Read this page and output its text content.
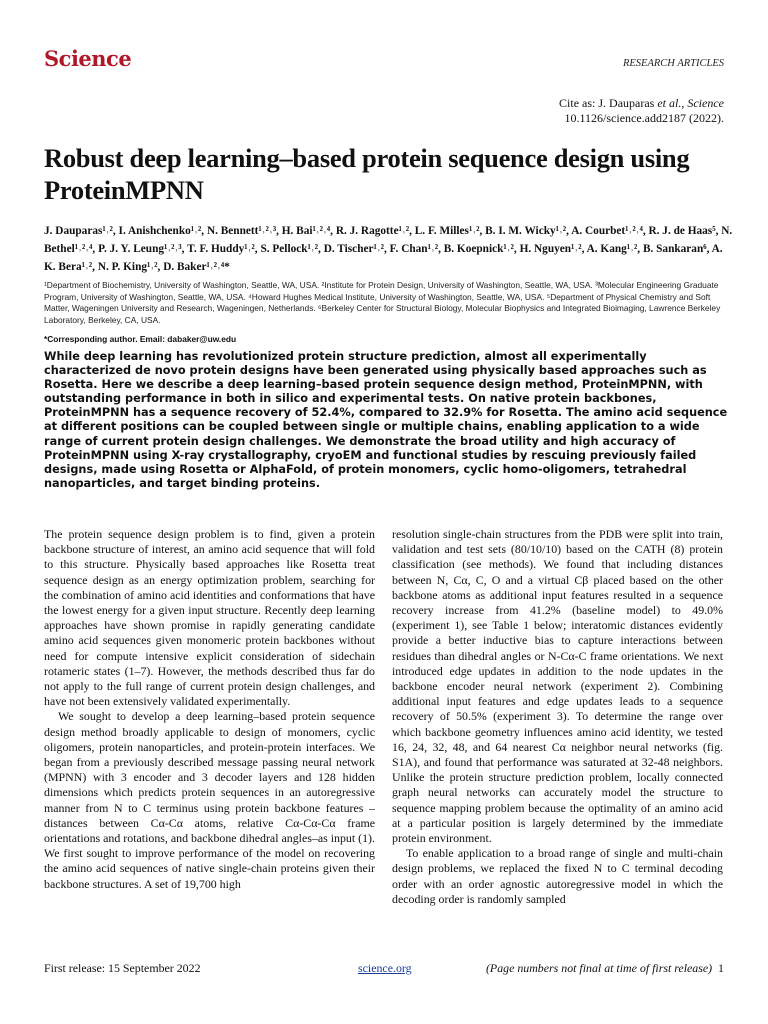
Science	RESEARCH ARTICLES
Cite as: J. Dauparas et al., Science
10.1126/science.add2187 (2022).
Robust deep learning–based protein sequence design using ProteinMPNN
J. Dauparas¹˒², I. Anishchenko¹˒², N. Bennett¹˒²˒³, H. Bai¹˒²˒⁴, R. J. Ragotte¹˒², L. F. Milles¹˒², B. I. M. Wicky¹˒², A. Courbet¹˒²˒⁴, R. J. de Haas⁵, N. Bethel¹˒²˒⁴, P. J. Y. Leung¹˒²˒³, T. F. Huddy¹˒², S. Pellock¹˒², D. Tischer¹˒², F. Chan¹˒², B. Koepnick¹˒², H. Nguyen¹˒², A. Kang¹˒², B. Sankaran⁶, A. K. Bera¹˒², N. P. King¹˒², D. Baker¹˒²˒⁴*
¹Department of Biochemistry, University of Washington, Seattle, WA, USA. ²Institute for Protein Design, University of Washington, Seattle, WA, USA. ³Molecular Engineering Graduate Program, University of Washington, Seattle, WA, USA. ⁴Howard Hughes Medical Institute, University of Washington, Seattle, WA, USA. ⁵Department of Physical Chemistry and Soft Matter, Wageningen University and Research, Wageningen, Netherlands. ⁶Berkeley Center for Structural Biology, Molecular Biophysics and Integrated Bioimaging, Lawrence Berkeley Laboratory, Berkeley, CA, USA.
*Corresponding author. Email: dabaker@uw.edu
While deep learning has revolutionized protein structure prediction, almost all experimentally characterized de novo protein designs have been generated using physically based approaches such as Rosetta. Here we describe a deep learning–based protein sequence design method, ProteinMPNN, with outstanding performance in both in silico and experimental tests. On native protein backbones, ProteinMPNN has a sequence recovery of 52.4%, compared to 32.9% for Rosetta. The amino acid sequence at different positions can be coupled between single or multiple chains, enabling application to a wide range of current protein design challenges. We demonstrate the broad utility and high accuracy of ProteinMPNN using X-ray crystallography, cryoEM and functional studies by rescuing previously failed designs, made using Rosetta or AlphaFold, of protein monomers, cyclic homo-oligomers, tetrahedral nanoparticles, and target binding proteins.

The protein sequence design problem is to find, given a protein backbone structure of interest, an amino acid sequence that will fold to this structure. Physically based approaches like Rosetta treat sequence design as an energy optimization problem, searching for the combination of amino acid identities and conformations that have the lowest energy for a given input structure. Recently deep learning approaches have shown promise in rapidly generating candidate amino acid sequences given monomeric protein backbones without need for compute intensive explicit consideration of sidechain rotameric states (1–7). However, the methods described thus far do not apply to the full range of current protein design challenges, and have not been extensively validated experimentally.

We sought to develop a deep learning–based protein sequence design method broadly applicable to design of monomers, cyclic oligomers, protein nanoparticles, and protein-protein interfaces. We began from a previously described message passing neural network (MPNN) with 3 encoder and 3 decoder layers and 128 hidden dimensions which predicts protein sequences in an autoregressive manner from N to C terminus using protein backbone features – distances between Cα-Cα atoms, relative Cα-Cα-Cα frame orientations and rotations, and backbone dihedral angles–as input (1). We first sought to improve performance of the model on recovering the amino acid sequences of native single-chain proteins given their backbone structures. A set of 19,700 high

resolution single-chain structures from the PDB were split into train, validation and test sets (80/10/10) based on the CATH (8) protein classification (see methods). We found that including distances between N, Cα, C, O and a virtual Cβ placed based on the other backbone atoms as additional input features resulted in a sequence recovery increase from 41.2% (baseline model) to 49.0% (experiment 1), see Table 1 below; interatomic distances evidently provide a better inductive bias to capture interactions between residues than dihedral angles or N-Cα-C frame orientations. We next introduced edge updates in addition to the node updates in the backbone encoder neural network (experiment 2). Combining additional input features and edge updates leads to a sequence recovery of 50.5% (experiment 3). To determine the range over which backbone geometry influences amino acid identity, we tested 16, 24, 32, 48, and 64 nearest Cα neighbor neural networks (fig. S1A), and found that performance was saturated at 32-48 neighbors. Unlike the protein structure prediction problem, locally connected graph neural networks can accurately model the structure to sequence mapping problem because the optimality of an amino acid at a particular position is largely determined by the immediate protein environment.

To enable application to a broad range of single and multi-chain design problems, we replaced the fixed N to C terminal decoding order with an order agnostic autoregressive model in which the decoding order is randomly sampled

First release: 15 September 2022	science.org	(Page numbers not final at time of first release) 1
